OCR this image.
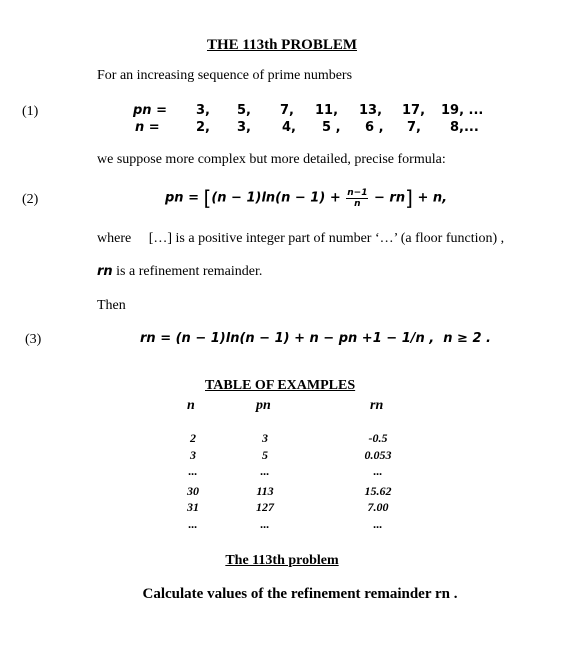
THE 113th PROBLEM
For an increasing sequence of prime numbers
(1)	pn = 3, 5, 7, 11, 13, 17, 19, ...
n =	2, 3, 4, 5 , 6 , 7, 8,...
we suppose more complex but more detailed, precise formula:
(2)	pn = $[(n - 1)\ln(n - 1) + \frac{n-1}{n} - rn] + n$,
where     […] is a positive integer part of number ‘…’ (a floor function) ,
rn is a refinement remainder.
Then
(3)	rn = (n − 1)ln(n − 1) + n − pn +1 − 1/n ,  n ≥ 2 .
TABLE OF EXAMPLES
n	pn	rn
2	3	-0.5
3	5	0.053
...	...	...
30	113	15.62
31	127	7.00
...	...	...
The 113th problem
Calculate values of the refinement remainder rn .
